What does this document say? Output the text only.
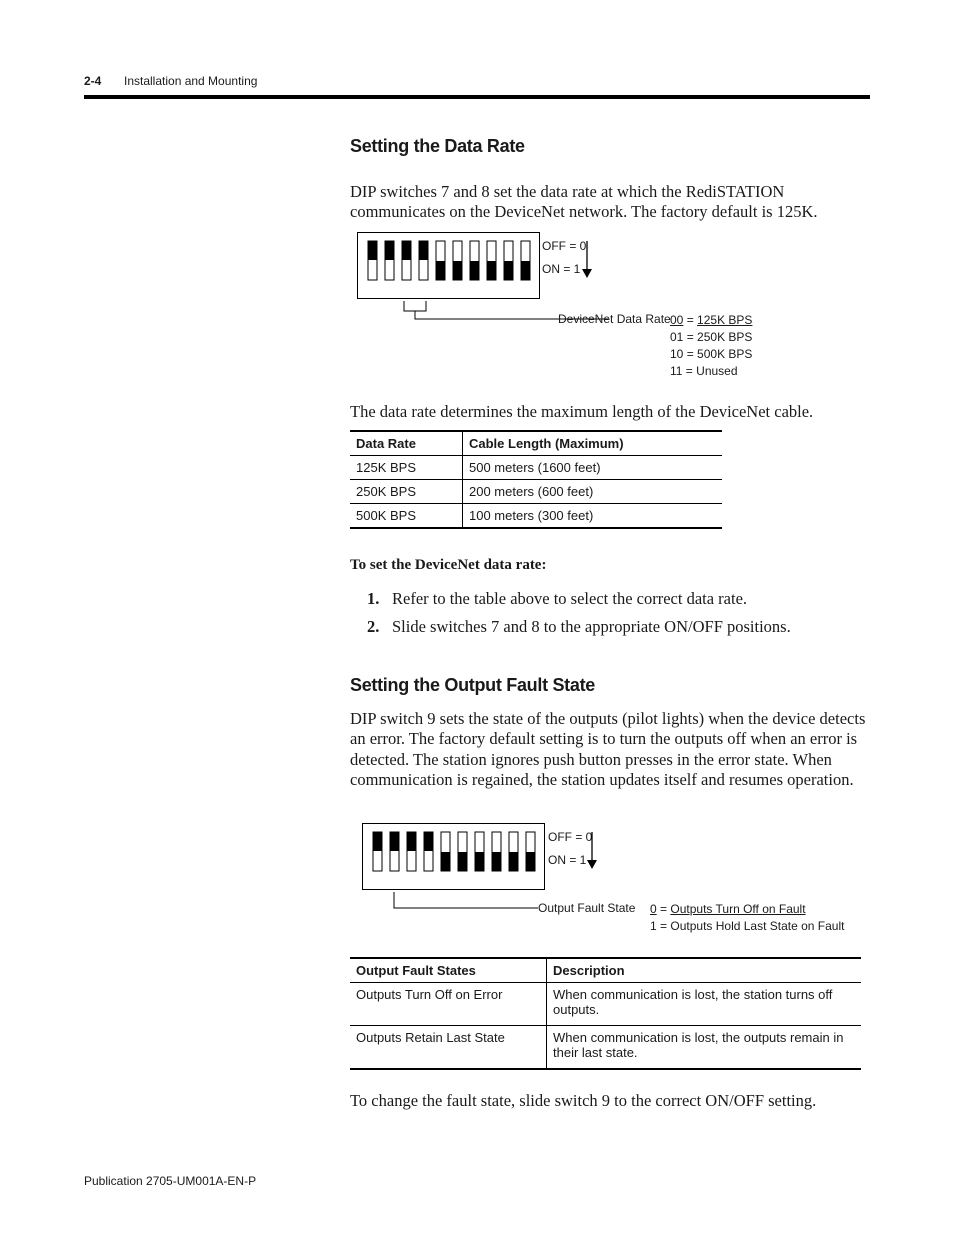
2-4 Installation and Mounting
Setting the Data Rate
DIP switches 7 and 8 set the data rate at which the RediSTATION communicates on the DeviceNet network. The factory default is 125K.
OFF = 0
ON = 1
DeviceNet Data Rate 00 = 125K BPS
01 = 250K BPS
10 = 500K BPS
11 = Unused
The data rate determines the maximum length of the DeviceNet cable.
Data Rate	Cable Length (Maximum)
125K BPS	500 meters (1600 feet)
250K BPS	200 meters (600 feet)
500K BPS	100 meters (300 feet)
To set the DeviceNet data rate:
1. Refer to the table above to select the correct data rate.
2. Slide switches 7 and 8 to the appropriate ON/OFF positions.
Setting the Output Fault State
DIP switch 9 sets the state of the outputs (pilot lights) when the device detects an error. The factory default setting is to turn the outputs off when an error is detected. The station ignores push button presses in the error state. When communication is regained, the station updates itself and resumes operation.
OFF = 0
ON = 1
Output Fault State 0 = Outputs Turn Off on Fault
1 = Outputs Hold Last State on Fault
Output Fault States	Description
Outputs Turn Off on Error	When communication is lost, the station turns off outputs.
Outputs Retain Last State	When communication is lost, the outputs remain in their last state.
To change the fault state, slide switch 9 to the correct ON/OFF setting.
Publication 2705-UM001A-EN-P
